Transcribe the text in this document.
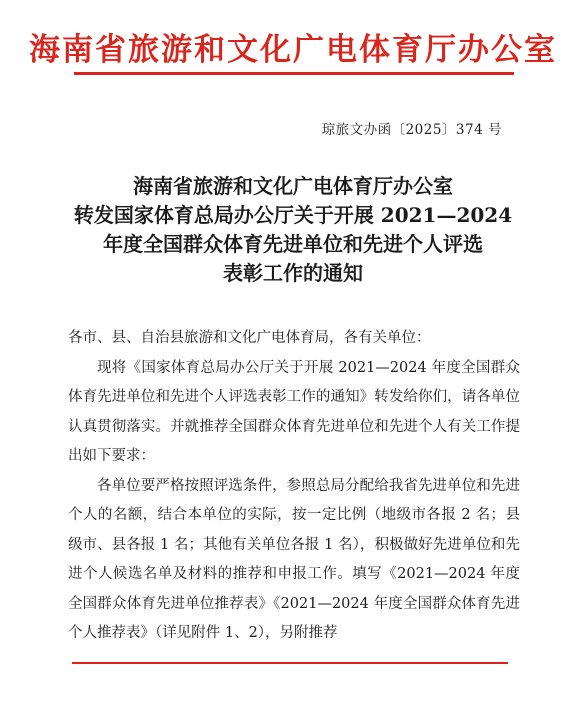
海南省旅游和文化广电体育厅办公室
琼旅文办函〔2025〕374 号
海南省旅游和文化广电体育厅办公室
转发国家体育总局办公厅关于开展 2021—2024
年度全国群众体育先进单位和先进个人评选
表彰工作的通知

各市、县、自治县旅游和文化广电体育局，各有关单位：

现将《国家体育总局办公厅关于开展 2021—2024 年度全国群众体育先进单位和先进个人评选表彰工作的通知》转发给你们，请各单位认真贯彻落实。并就推荐全国群众体育先进单位和先进个人有关工作提出如下要求：

各单位要严格按照评选条件，参照总局分配给我省先进单位和先进个人的名额，结合本单位的实际，按一定比例（地级市各报 2 名；县级市、县各报 1 名；其他有关单位各报 1 名），积极做好先进单位和先进个人候选名单及材料的推荐和申报工作。填写《2021—2024 年度全国群众体育先进单位推荐表》《2021—2024 年度全国群众体育先进个人推荐表》（详见附件 1、2），另附推荐
